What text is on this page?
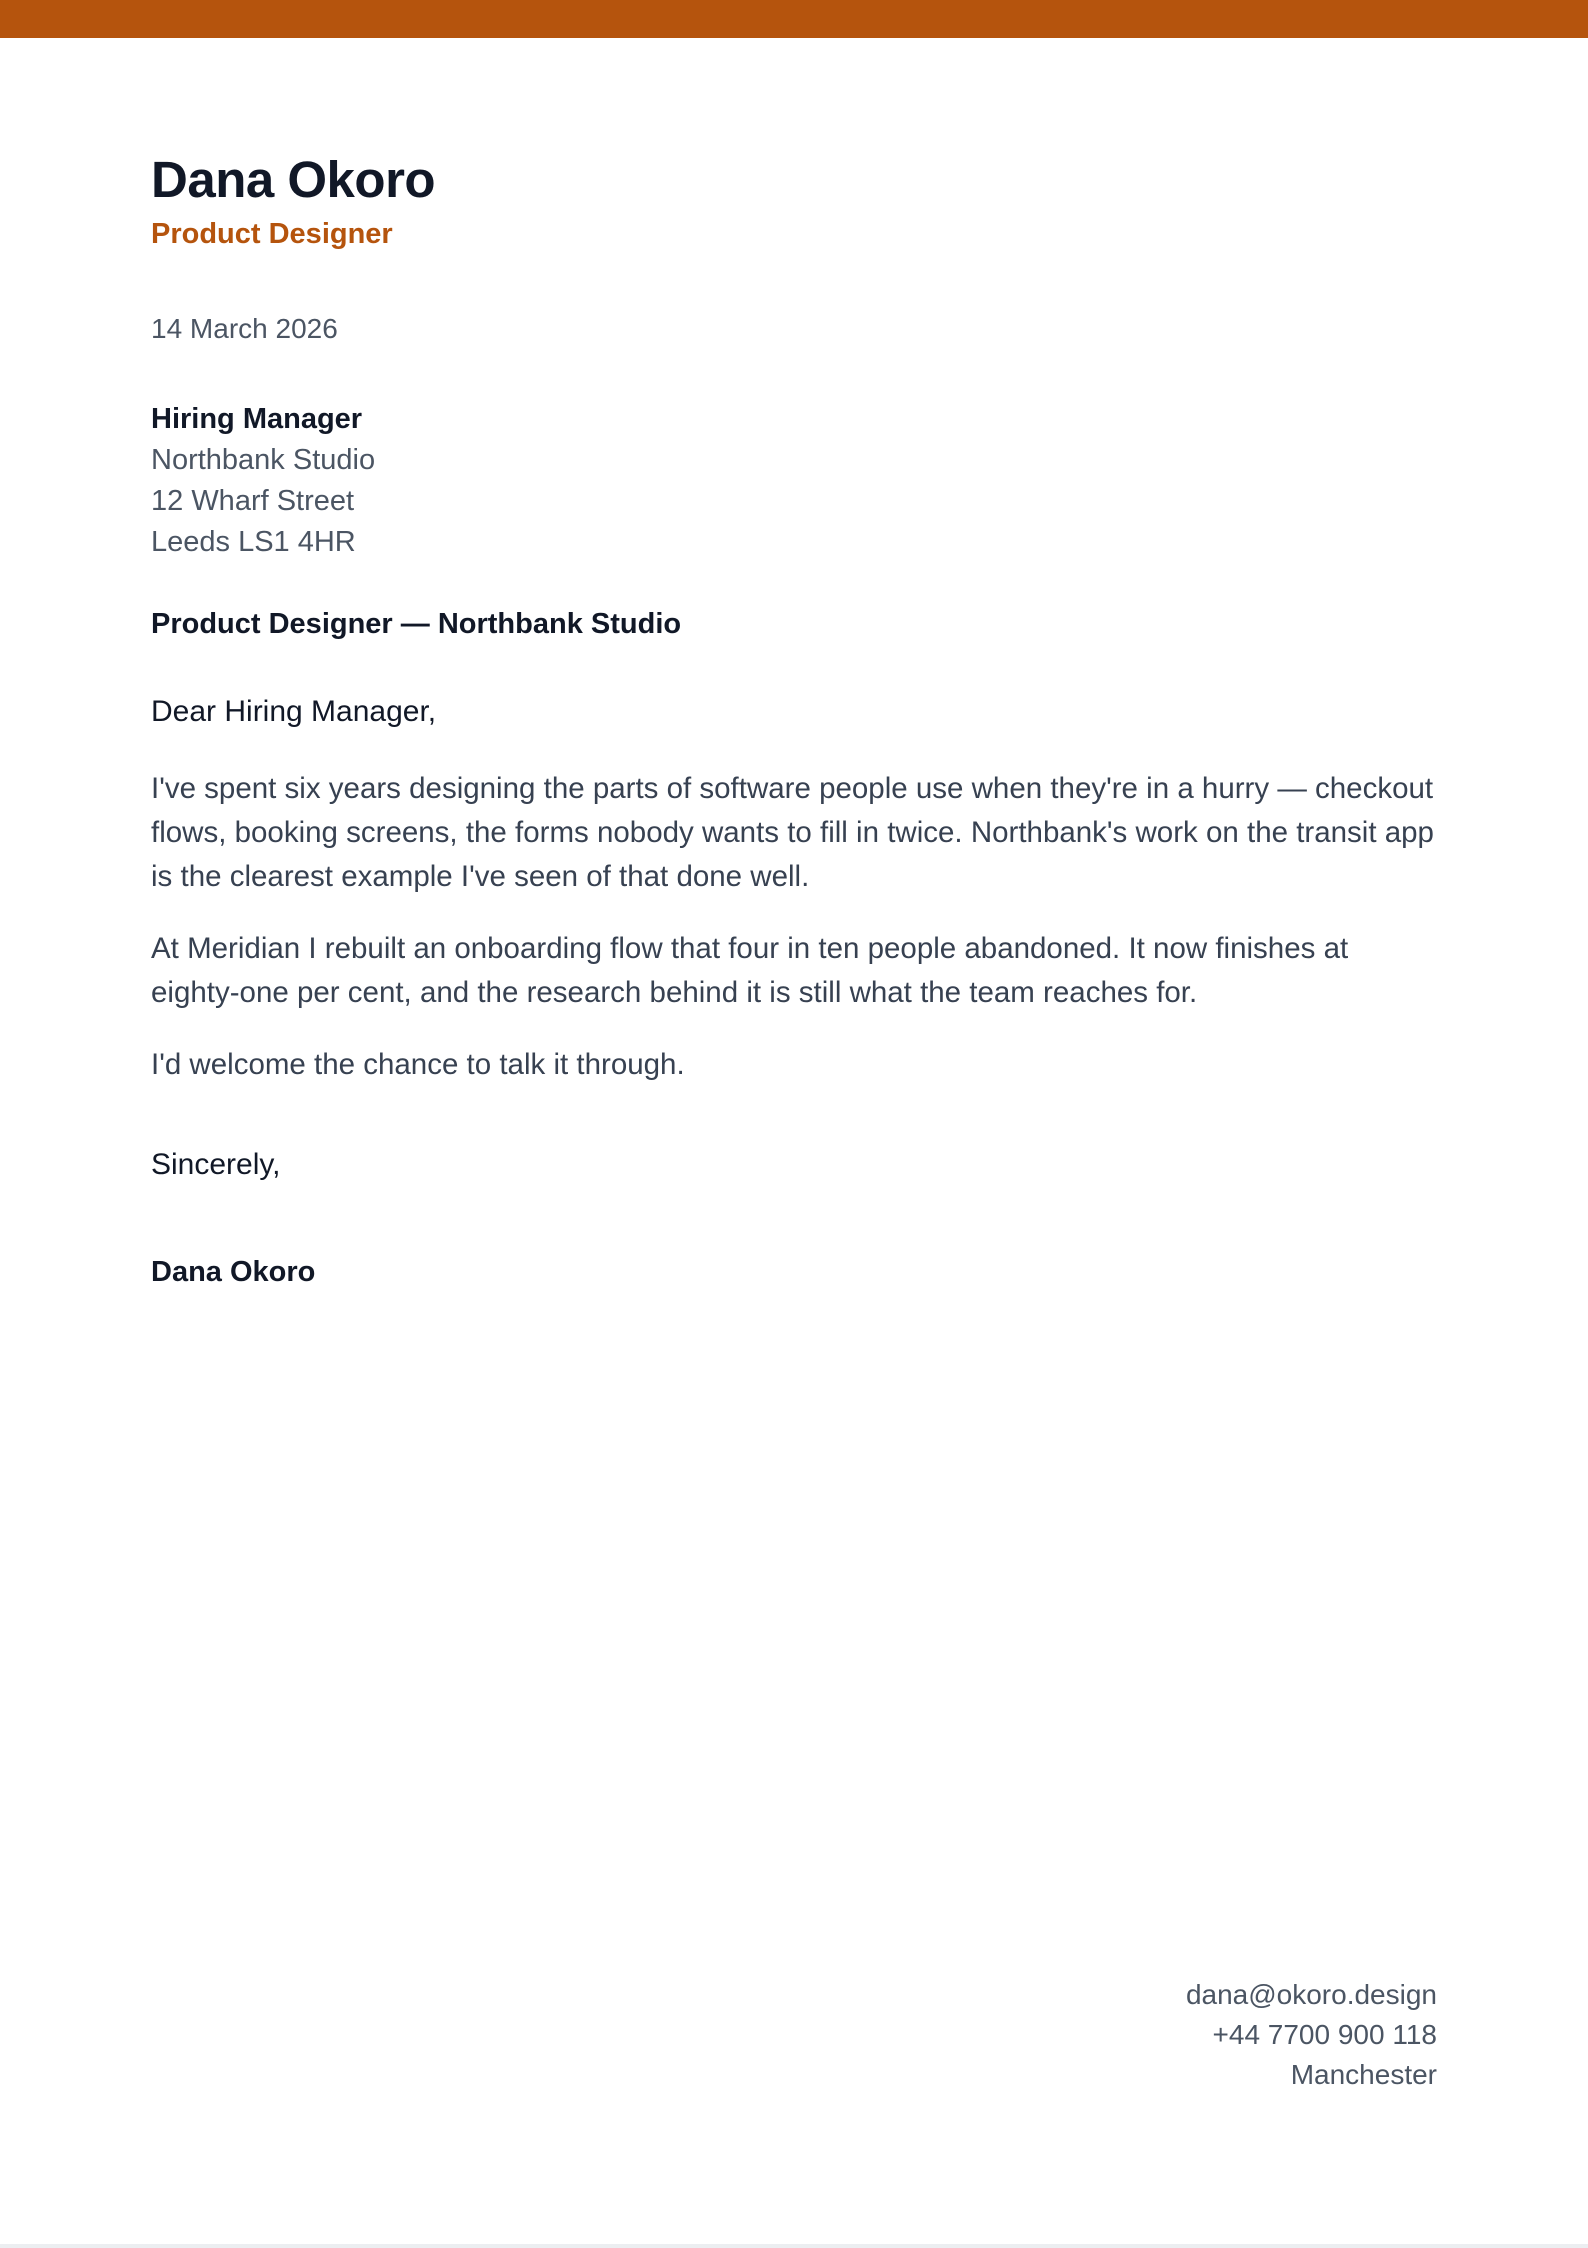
Dana Okoro
Product Designer
14 March 2026
Hiring Manager
Northbank Studio
12 Wharf Street
Leeds LS1 4HR
Product Designer — Northbank Studio
Dear Hiring Manager,

I've spent six years designing the parts of software people use when they're in a hurry — checkout flows, booking screens, the forms nobody wants to fill in twice. Northbank's work on the transit app is the clearest example I've seen of that done well.

At Meridian I rebuilt an onboarding flow that four in ten people abandoned. It now finishes at eighty-one per cent, and the research behind it is still what the team reaches for.

I'd welcome the chance to talk it through.

Sincerely,
Dana Okoro
dana@okoro.design
+44 7700 900 118
Manchester
